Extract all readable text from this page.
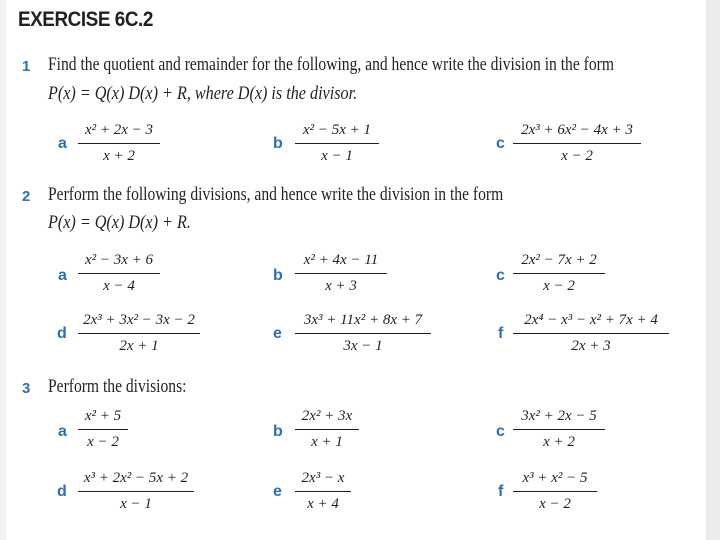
EXERCISE 6C.2
1 Find the quotient and remainder for the following, and hence write the division in the form
P(x) = Q(x) D(x) + R, where D(x) is the divisor.
a
x² + 2x − 3
x + 2
b
x² − 5x + 1
x − 1
c
2x³ + 6x² − 4x + 3
x − 2
2 Perform the following divisions, and hence write the division in the form
P(x) = Q(x) D(x) + R.
a
x² − 3x + 6
x − 4
b
x² + 4x − 11
x + 3
c
2x² − 7x + 2
x − 2
d
2x³ + 3x² − 3x − 2
2x + 1
e
3x³ + 11x² + 8x + 7
3x − 1
f
2x⁴ − x³ − x² + 7x + 4
2x + 3
3 Perform the divisions:
a
x² + 5
x − 2
b
2x² + 3x
x + 1
c
3x² + 2x − 5
x + 2
d
x³ + 2x² − 5x + 2
x − 1
e
2x³ − x
x + 4
f
x³ + x² − 5
x − 2
